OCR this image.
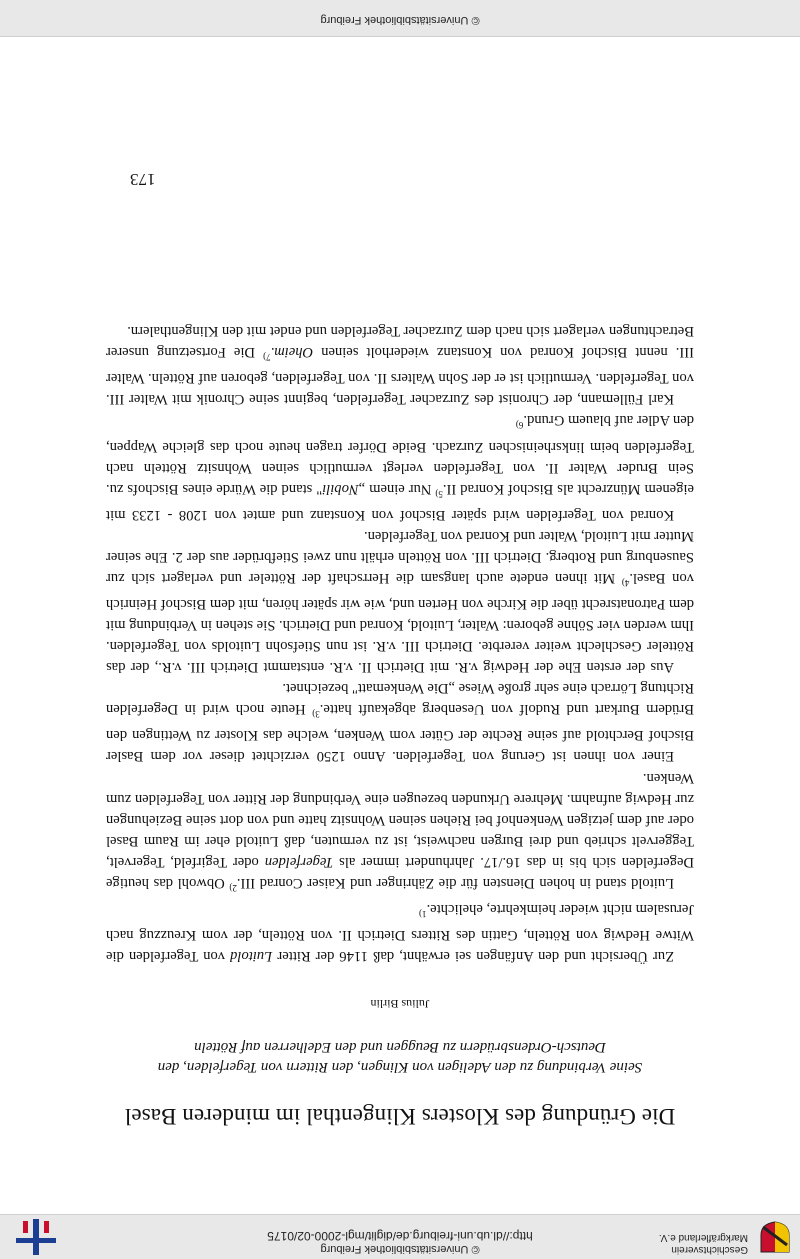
Geschichtsverein
Markgräflerland e.V.
© Universitätsbibliothek Freiburg
http://dl.ub.uni-freiburg.de/diglit/mgl-2000-02/0175
Die Gründung des Klosters Klingenthal im minderen Basel
Seine Verbindung zu den Adeligen von Klingen, den Rittern von Tegerfelden, den Deutsch-Ordensbrüdern zu Beuggen und den Edelherren auf Rötteln
Julius Birlin

Zur Übersicht und den Anfängen sei erwähnt, daß 1146 der Ritter Luitold von Tegerfelden die Witwe Hedwig von Rötteln, Gattin des Ritters Dietrich II. von Rötteln, der vom Kreuzzug nach Jerusalem nicht wieder heimkehrte, ehelichte.$^{1)}$

Luitold stand in hohen Diensten für die Zähringer und Kaiser Conrad III.$^{2)}$ Obwohl das heutige Degerfelden sich bis in das 16./17. Jahrhundert immer als Tegerfelden oder Tegirfeld, Tegervelt, Teggervelt schrieb und drei Burgen nachweist, ist zu vermuten, daß Luitold eher im Raum Basel oder auf dem jetzigen Wenkenhof bei Riehen seinen Wohnsitz hatte und von dort seine Beziehungen zur Hedwig aufnahm. Mehrere Urkunden bezeugen eine Verbindung der Ritter von Tegerfelden zum Wenken.

Einer von ihnen ist Gerung von Tegerfelden. Anno 1250 verzichtet dieser vor dem Basler Bischof Berchtold auf seine Rechte der Güter vom Wenken, welche das Kloster zu Wettingen den Brüdern Burkart und Rudolf von Uesenberg abgekauft hatte.$^{3)}$ Heute noch wird in Degerfelden Richtung Lörrach eine sehr große Wiese „Die Wenkematt" bezeichnet.

Aus der ersten Ehe der Hedwig v.R. mit Dietrich II. v.R. entstammt Dietrich III. v.R., der das Rötteler Geschlecht weiter vererbte. Dietrich III. v.R. ist nun Stiefsohn Luitolds von Tegerfelden. Ihm werden vier Söhne geboren: Walter, Luitold, Konrad und Dietrich. Sie stehen in Verbindung mit dem Patronatsrecht über die Kirche von Herten und, wie wir später hören, mit dem Bischof Heinrich von Basel.$^{4)}$ Mit ihnen endete auch langsam die Herrschaft der Rötteler und verlagert sich zur Sausenburg und Rotberg. Dietrich III. von Rötteln erhält nun zwei Stiefbrüder aus der 2. Ehe seiner Mutter mit Luitold, Walter und Konrad von Tegerfelden.

Konrad von Tegerfelden wird später Bischof von Konstanz und amtet von 1208 - 1233 mit eigenem Münzrecht als Bischof Konrad II.$^{5)}$ Nur einem „Nobili" stand die Würde eines Bischofs zu. Sein Bruder Walter II. von Tegerfelden verlegt vermutlich seinen Wohnsitz Rötteln nach Tegerfelden beim linksrheinischen Zurzach. Beide Dörfer tragen heute noch das gleiche Wappen, den Adler auf blauem Grund.$^{6)}$

Karl Füllemann, der Chronist des Zurzacher Tegerfelden, beginnt seine Chronik mit Walter III. von Tegerfelden. Vermutlich ist er der Sohn Walters II. von Tegerfelden, geboren auf Rötteln. Walter III. nennt Bischof Konrad von Konstanz wiederholt seinen Oheim.$^{7)}$ Die Fortsetzung unserer Betrachtungen verlagert sich nach dem Zurzacher Tegerfelden und endet mit den Klingenthalern.

173
© Universitätsbibliothek Freiburg
